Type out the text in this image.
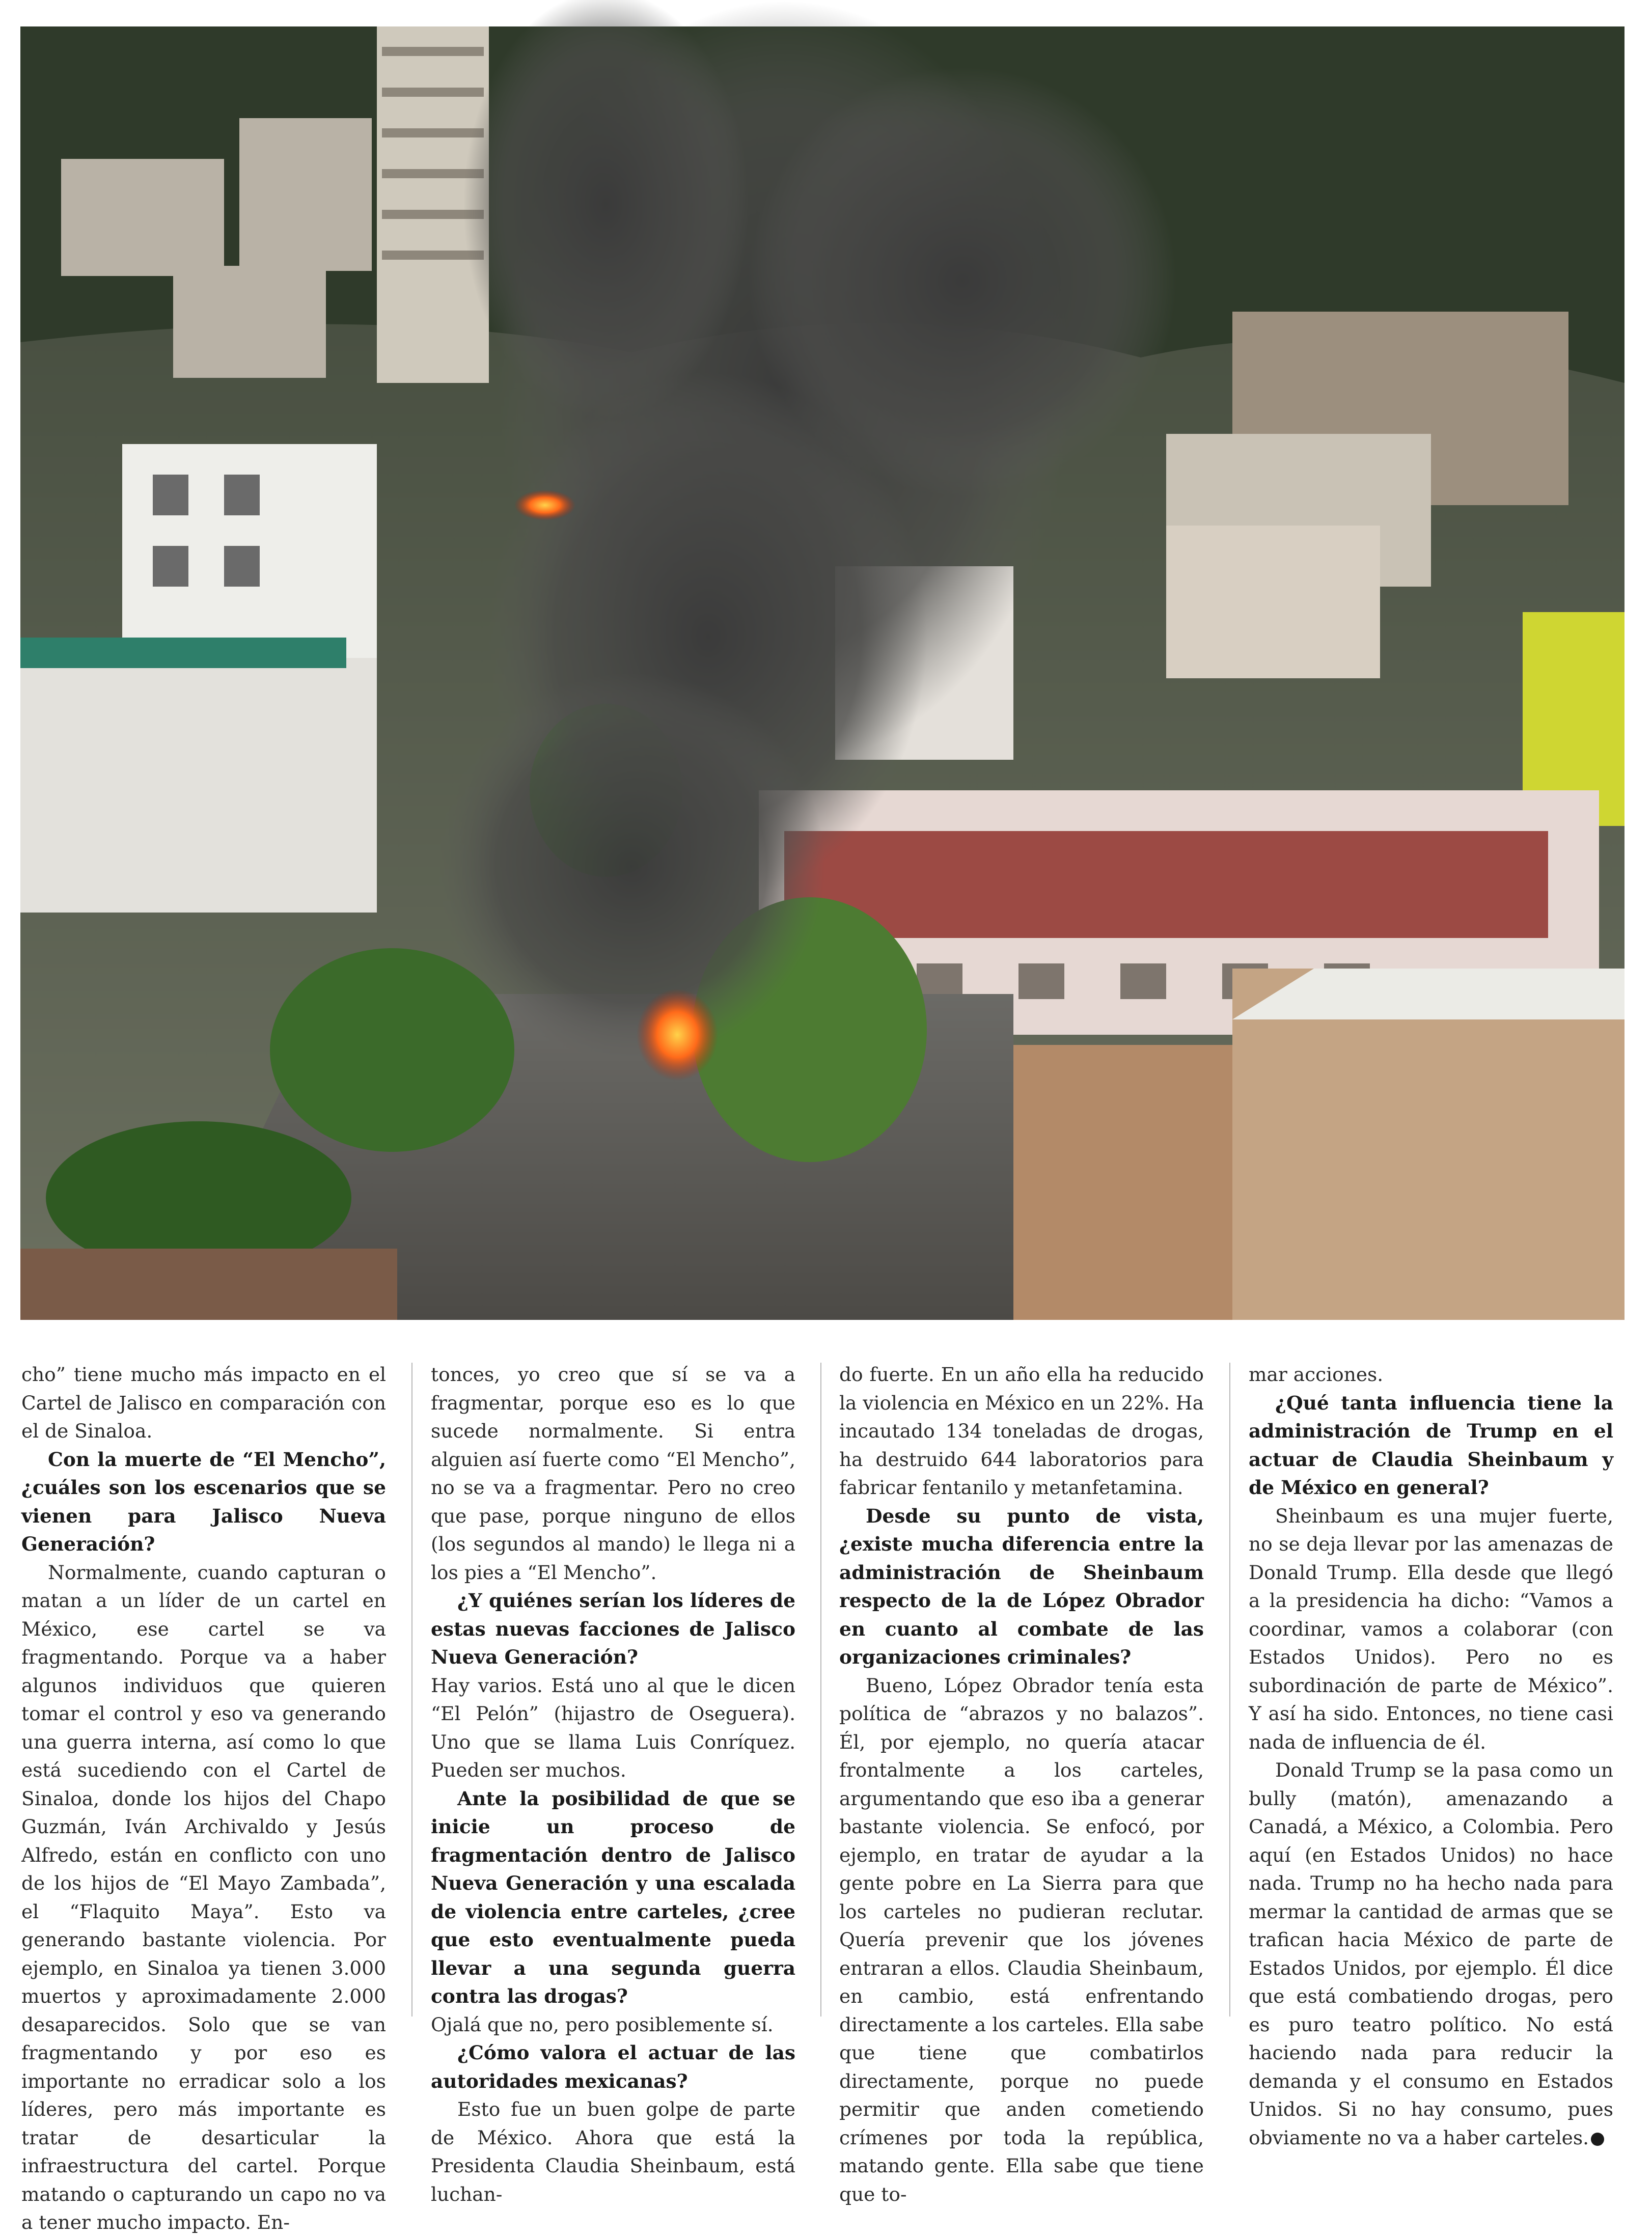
cho” tiene mucho más impacto en el Cartel de Jalisco en comparación con el de Sinaloa.

Con la muerte de “El Mencho”, ¿cuáles son los escenarios que se vienen para Jalisco Nueva Generación?

Normalmente, cuando capturan o matan a un líder de un cartel en México, ese cartel se va fragmentando. Porque va a haber algunos individuos que quieren tomar el control y eso va generando una guerra interna, así como lo que está sucediendo con el Cartel de Sinaloa, donde los hijos del Chapo Guzmán, Iván Archivaldo y Jesús Alfredo, están en conflicto con uno de los hijos de “El Mayo Zambada”, el “Flaquito Maya”. Esto va generando bastante violencia. Por ejemplo, en Sinaloa ya tienen 3.000 muertos y aproximadamente 2.000 desaparecidos. Solo que se van fragmentando y por eso es importante no erradicar solo a los líderes, pero más importante es tratar de desarticular la infraestructura del cartel. Porque matando o capturando un capo no va a tener mucho impacto. En-

tonces, yo creo que sí se va a fragmentar, porque eso es lo que sucede normalmente. Si entra alguien así fuerte como “El Mencho”, no se va a fragmentar. Pero no creo que pase, porque ninguno de ellos (los segundos al mando) le llega ni a los pies a “El Mencho”.

¿Y quiénes serían los líderes de estas nuevas facciones de Jalisco Nueva Generación?

Hay varios. Está uno al que le dicen “El Pelón” (hijastro de Oseguera). Uno que se llama Luis Conríquez. Pueden ser muchos.

Ante la posibilidad de que se inicie un proceso de fragmentación dentro de Jalisco Nueva Generación y una escalada de violencia entre carteles, ¿cree que esto eventualmente pueda llevar a una segunda guerra contra las drogas?

Ojalá que no, pero posiblemente sí.

¿Cómo valora el actuar de las autoridades mexicanas?

Esto fue un buen golpe de parte de México. Ahora que está la Presidenta Claudia Sheinbaum, está luchan-

do fuerte. En un año ella ha reducido la violencia en México en un 22%. Ha incautado 134 toneladas de drogas, ha destruido 644 laboratorios para fabricar fentanilo y metanfetamina.

Desde su punto de vista, ¿existe mucha diferencia entre la administración de Sheinbaum respecto de la de López Obrador en cuanto al combate de las organizaciones criminales?

Bueno, López Obrador tenía esta política de “abrazos y no balazos”. Él, por ejemplo, no quería atacar frontalmente a los carteles, argumentando que eso iba a generar bastante violencia. Se enfocó, por ejemplo, en tratar de ayudar a la gente pobre en La Sierra para que los carteles no pudieran reclutar. Quería prevenir que los jóvenes entraran a ellos. Claudia Sheinbaum, en cambio, está enfrentando directamente a los carteles. Ella sabe que tiene que combatirlos directamente, porque no puede permitir que anden cometiendo crímenes por toda la república, matando gente. Ella sabe que tiene que to-

mar acciones.

¿Qué tanta influencia tiene la administración de Trump en el actuar de Claudia Sheinbaum y de México en general?

Sheinbaum es una mujer fuerte, no se deja llevar por las amenazas de Donald Trump. Ella desde que llegó a la presidencia ha dicho: “Vamos a coordinar, vamos a colaborar (con Estados Unidos). Pero no es subordinación de parte de México”. Y así ha sido. Entonces, no tiene casi nada de influencia de él.

Donald Trump se la pasa como un bully (matón), amenazando a Canadá, a México, a Colombia. Pero aquí (en Estados Unidos) no hace nada. Trump no ha hecho nada para mermar la cantidad de armas que se trafican hacia México de parte de Estados Unidos, por ejemplo. Él dice que está combatiendo drogas, pero es puro teatro político. No está haciendo nada para reducir la demanda y el consumo en Estados Unidos. Si no hay consumo, pues obviamente no va a haber carteles.
